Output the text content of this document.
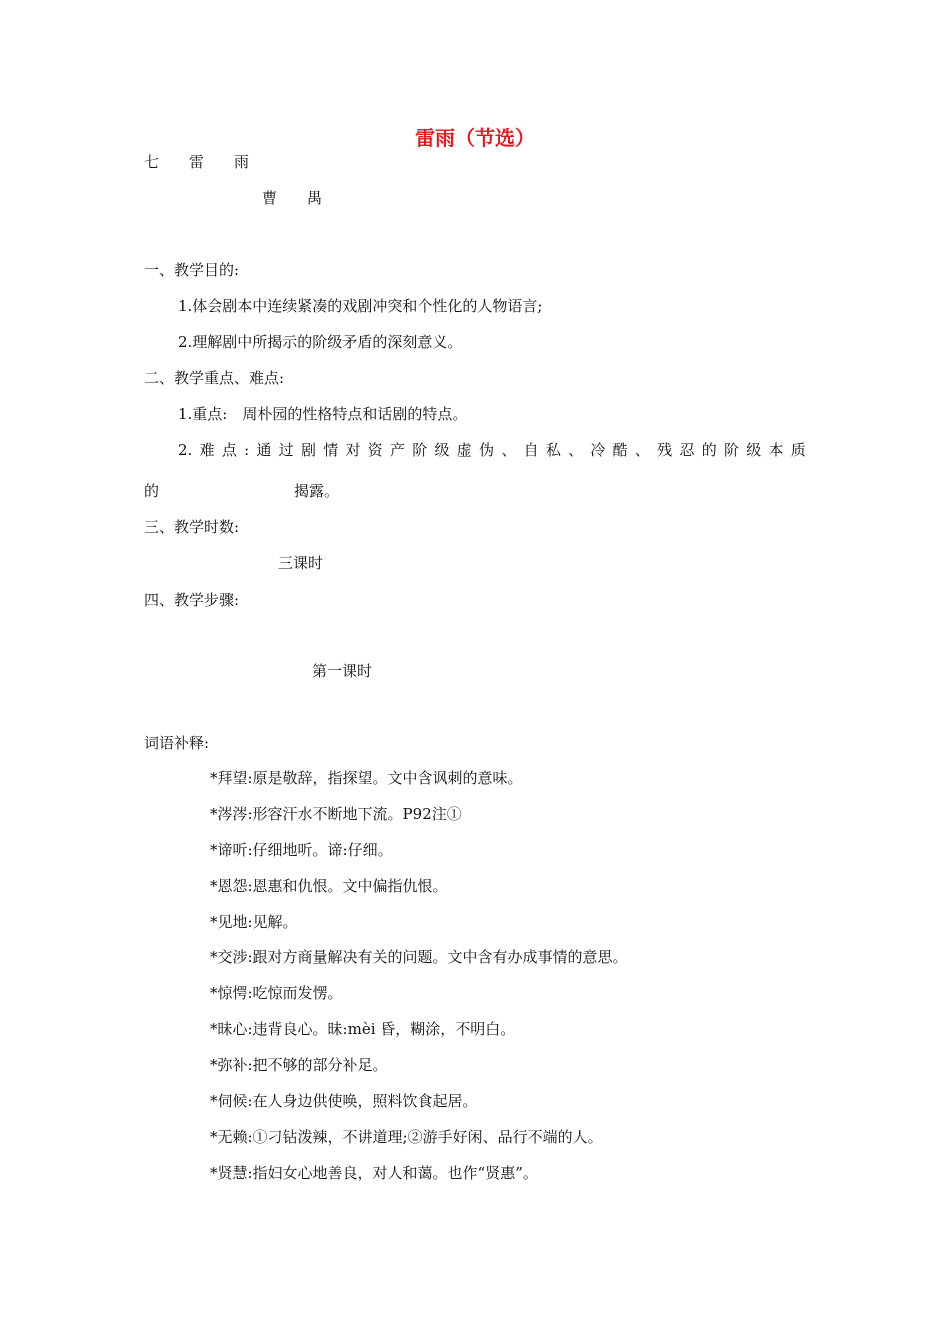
雷雨（节选）
七　　雷　　雨
曹　　禺
一、教学目的:
1.体会剧本中连续紧凑的戏剧冲突和个性化的人物语言;
2.理解剧中所揭示的阶级矛盾的深刻意义。
二、教学重点、难点:
1.重点:　周朴园的性格特点和话剧的特点。
2. 难 点 : 通 过 剧 情 对 资 产 阶 级 虚 伪 、 自 私 、 冷 酷 、 残 忍 的 阶 级 本 质
的	揭露。
三、教学时数:
三课时
四、教学步骤:
第一课时
词语补释:
*拜望:原是敬辞，指探望。文中含讽刺的意味。
*涔涔:形容汗水不断地下流。P92注①
*谛听:仔细地听。谛:仔细。
*恩怨:恩惠和仇恨。文中偏指仇恨。
*见地:见解。
*交涉:跟对方商量解决有关的问题。文中含有办成事情的意思。
*惊愕:吃惊而发愣。
*昧心:违背良心。昧:mèi 昏，糊涂，不明白。
*弥补:把不够的部分补足。
*伺候:在人身边供使唤，照料饮食起居。
*无赖:①刁钻泼辣，不讲道理;②游手好闲、品行不端的人。
*贤慧:指妇女心地善良，对人和蔼。也作“贤惠”。
